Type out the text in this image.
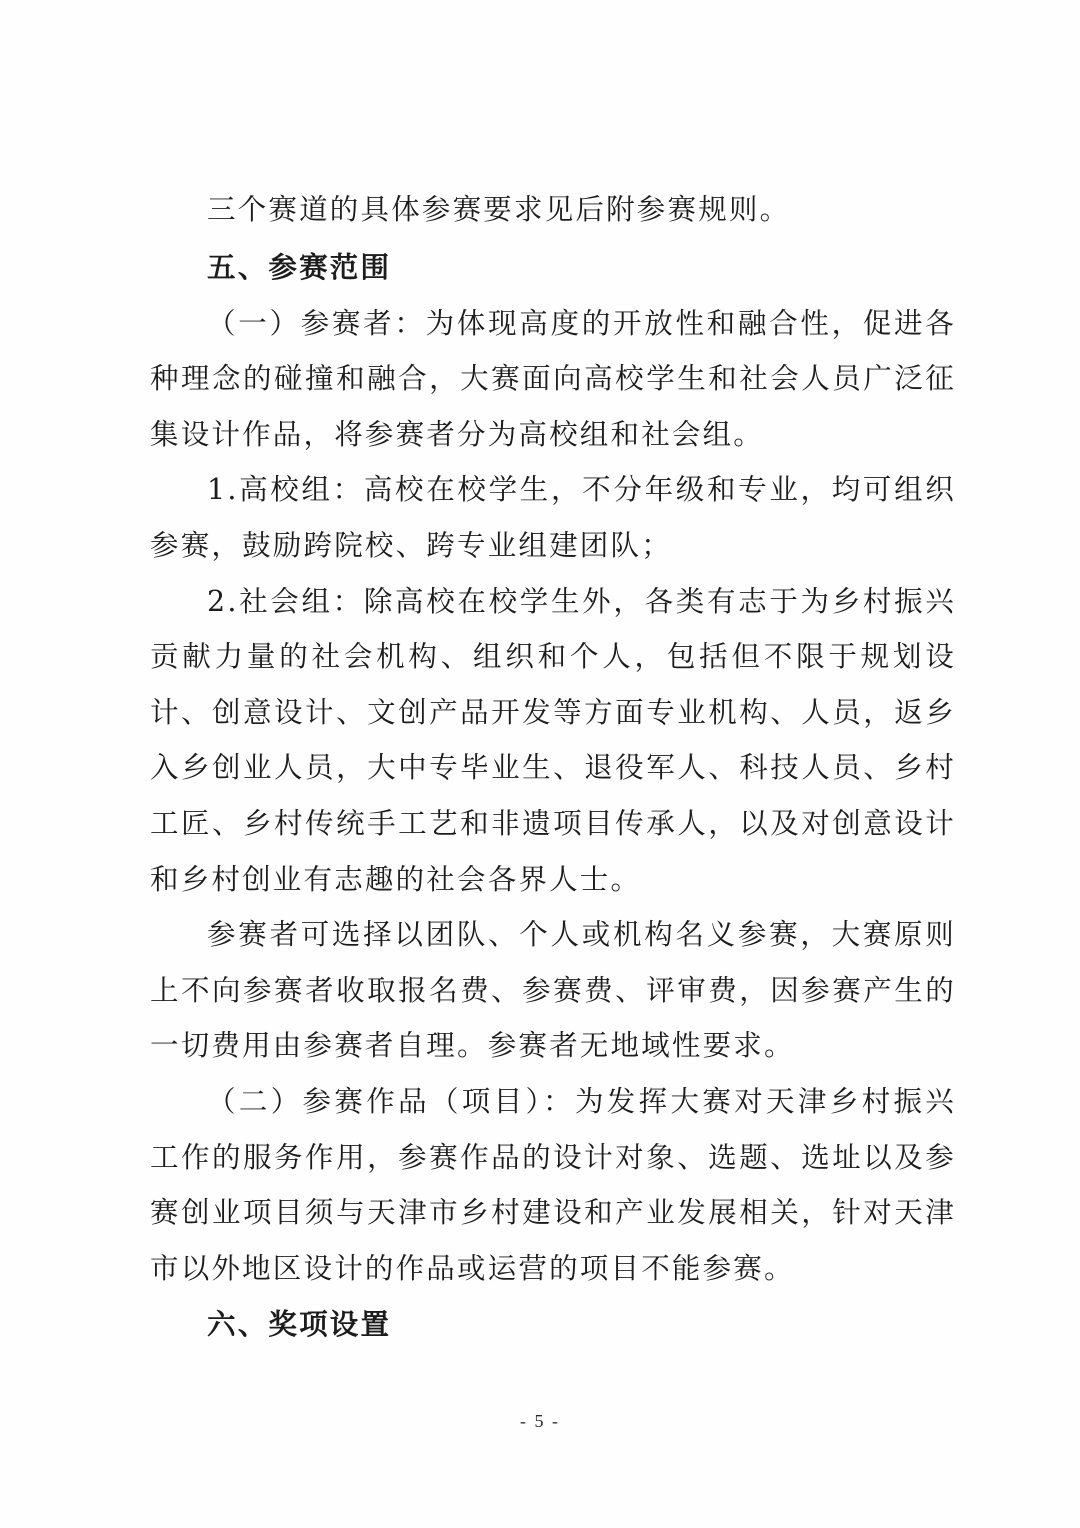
三个赛道的具体参赛要求见后附参赛规则。

五、参赛范围

（一）参赛者：为体现高度的开放性和融合性，促进各种理念的碰撞和融合，大赛面向高校学生和社会人员广泛征集设计作品，将参赛者分为高校组和社会组。

1.高校组：高校在校学生，不分年级和专业，均可组织参赛，鼓励跨院校、跨专业组建团队；

2.社会组：除高校在校学生外，各类有志于为乡村振兴贡献力量的社会机构、组织和个人，包括但不限于规划设计、创意设计、文创产品开发等方面专业机构、人员，返乡入乡创业人员，大中专毕业生、退役军人、科技人员、乡村工匠、乡村传统手工艺和非遗项目传承人，以及对创意设计和乡村创业有志趣的社会各界人士。

参赛者可选择以团队、个人或机构名义参赛，大赛原则上不向参赛者收取报名费、参赛费、评审费，因参赛产生的一切费用由参赛者自理。参赛者无地域性要求。

（二）参赛作品（项目）：为发挥大赛对天津乡村振兴工作的服务作用，参赛作品的设计对象、选题、选址以及参赛创业项目须与天津市乡村建设和产业发展相关，针对天津市以外地区设计的作品或运营的项目不能参赛。

六、奖项设置

- 5 -
